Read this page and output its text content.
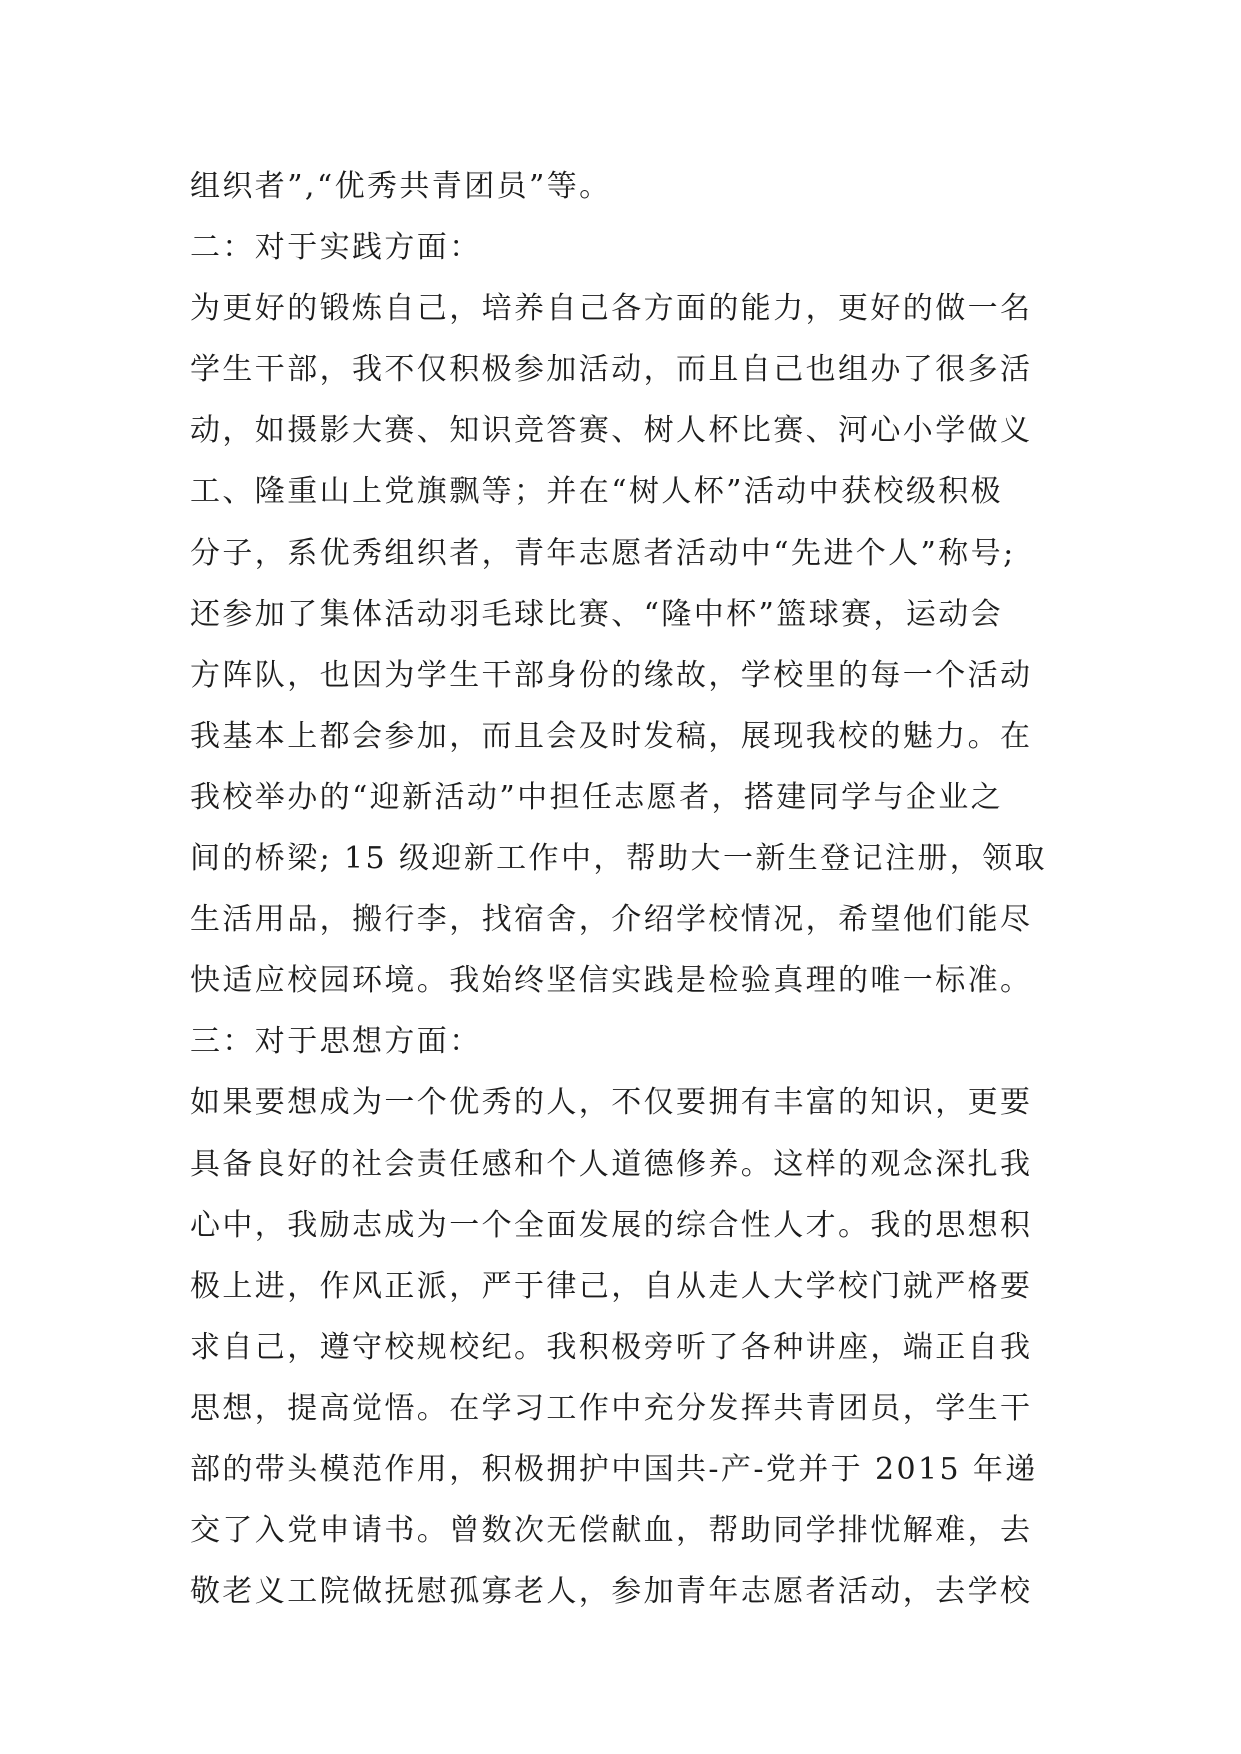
组织者”,“优秀共青团员”等。
二：对于实践方面：
为更好的锻炼自己，培养自己各方面的能力，更好的做一名
学生干部，我不仅积极参加活动，而且自己也组办了很多活
动，如摄影大赛、知识竞答赛、树人杯比赛、河心小学做义
工、隆重山上党旗飘等；并在“树人杯”活动中获校级积极
分子，系优秀组织者，青年志愿者活动中“先进个人”称号;
还参加了集体活动羽毛球比赛、“隆中杯”篮球赛，运动会
方阵队，也因为学生干部身份的缘故，学校里的每一个活动
我基本上都会参加，而且会及时发稿，展现我校的魅力。在
我校举办的“迎新活动”中担任志愿者，搭建同学与企业之
间的桥梁; 15 级迎新工作中，帮助大一新生登记注册，领取
生活用品，搬行李，找宿舍，介绍学校情况，希望他们能尽
快适应校园环境。我始终坚信实践是检验真理的唯一标准。
三：对于思想方面：
如果要想成为一个优秀的人，不仅要拥有丰富的知识，更要
具备良好的社会责任感和个人道德修养。这样的观念深扎我
心中，我励志成为一个全面发展的综合性人才。我的思想积
极上进，作风正派，严于律己，自从走人大学校门就严格要
求自己，遵守校规校纪。我积极旁听了各种讲座，端正自我
思想，提高觉悟。在学习工作中充分发挥共青团员，学生干
部的带头模范作用，积极拥护中国共-产-党并于 2015 年递
交了入党申请书。曾数次无偿献血，帮助同学排忧解难，去
敬老义工院做抚慰孤寡老人，参加青年志愿者活动，去学校
